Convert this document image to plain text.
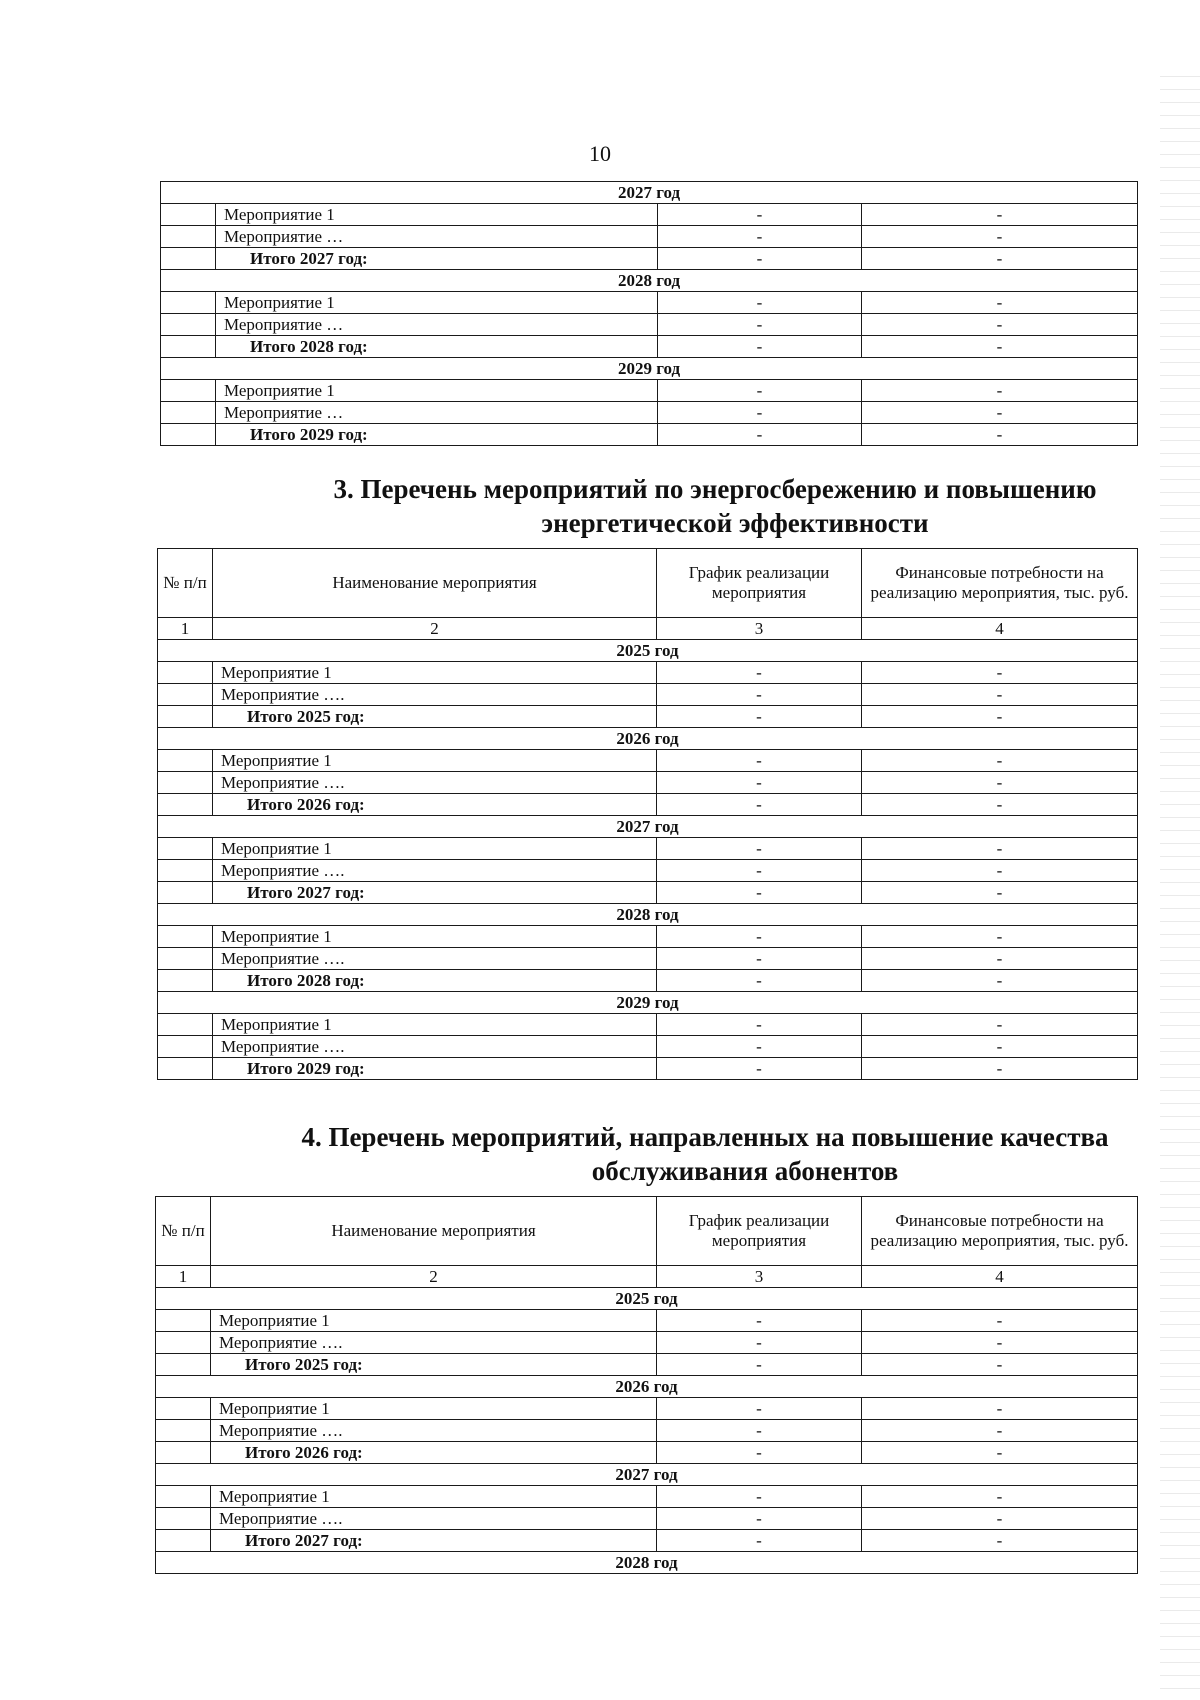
10
2027 год			
	Мероприятие 1	-	-
	Мероприятие …	-	-
	Итого 2027 год:	-	-
2028 год			
	Мероприятие 1	-	-
	Мероприятие …	-	-
	Итого 2028 год:	-	-
2029 год			
	Мероприятие 1	-	-
	Мероприятие …	-	-
	Итого 2029 год:	-	-
3. Перечень мероприятий по энергосбережению и повышению
энергетической эффективности
№ п/п	Наименование мероприятия	График реализации мероприятия	Финансовые потребности на реализацию мероприятия, тыс. руб.
1	2	3	4
2025 год			
	Мероприятие 1	-	-
	Мероприятие ….	-	-
	Итого 2025 год:	-	-
2026 год			
	Мероприятие 1	-	-
	Мероприятие ….	-	-
	Итого 2026 год:	-	-
2027 год			
	Мероприятие 1	-	-
	Мероприятие ….	-	-
	Итого 2027 год:	-	-
2028 год			
	Мероприятие 1	-	-
	Мероприятие ….	-	-
	Итого 2028 год:	-	-
2029 год			
	Мероприятие 1	-	-
	Мероприятие ….	-	-
	Итого 2029 год:	-	-
4. Перечень мероприятий, направленных на повышение качества
обслуживания абонентов
№ п/п	Наименование мероприятия	График реализации мероприятия	Финансовые потребности на реализацию мероприятия, тыс. руб.
1	2	3	4
2025 год			
	Мероприятие 1	-	-
	Мероприятие ….	-	-
	Итого 2025 год:	-	-
2026 год			
	Мероприятие 1	-	-
	Мероприятие ….	-	-
	Итого 2026 год:	-	-
2027 год			
	Мероприятие 1	-	-
	Мероприятие ….	-	-
	Итого 2027 год:	-	-
2028 год			
